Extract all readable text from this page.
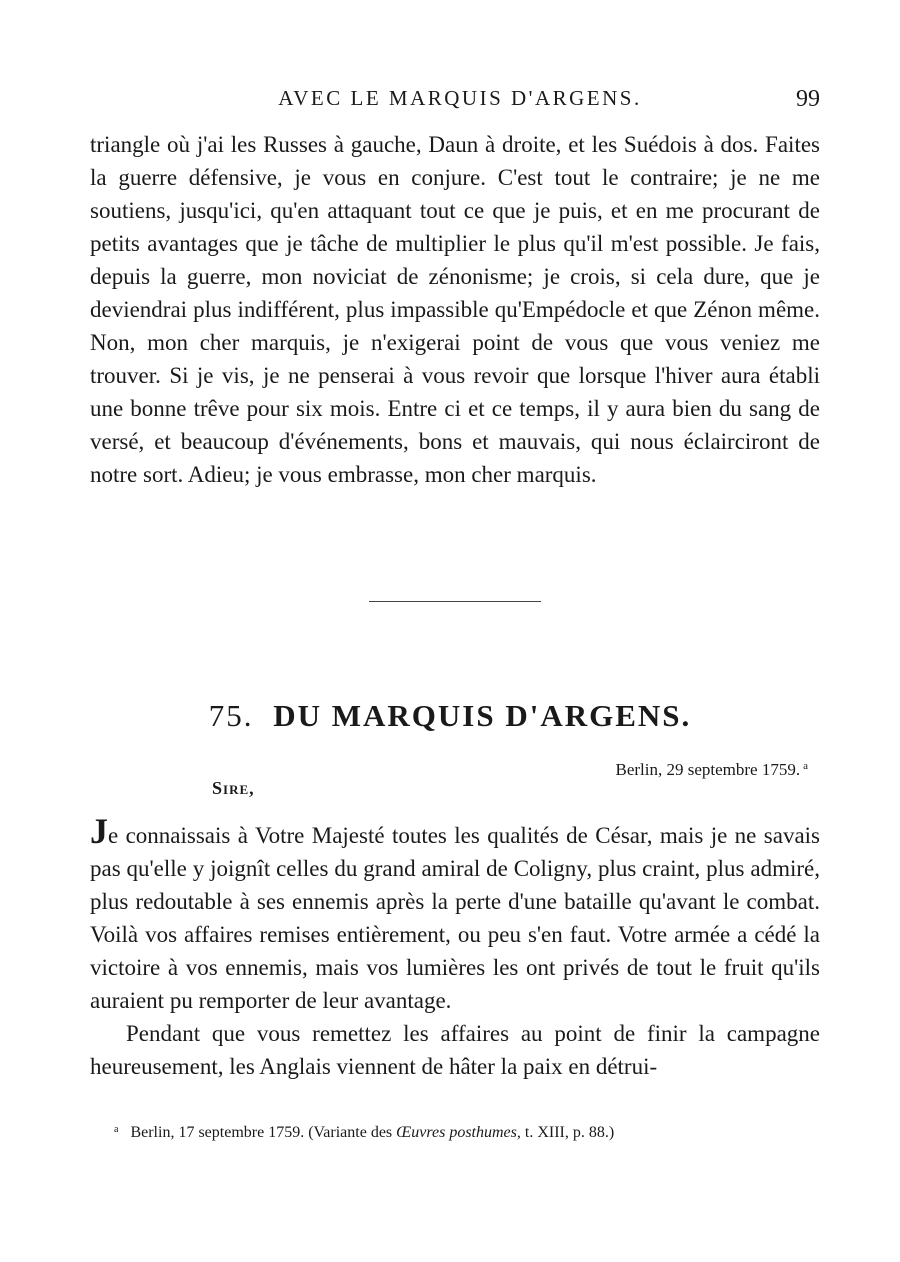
AVEC LE MARQUIS D'ARGENS.	99
triangle où j'ai les Russes à gauche, Daun à droite, et les Suédois à dos. Faites la guerre défensive, je vous en conjure. C'est tout le contraire; je ne me soutiens, jusqu'ici, qu'en attaquant tout ce que je puis, et en me procurant de petits avantages que je tâche de multiplier le plus qu'il m'est possible. Je fais, depuis la guerre, mon noviciat de zénonisme; je crois, si cela dure, que je deviendrai plus indifférent, plus impassible qu'Empédocle et que Zénon même. Non, mon cher marquis, je n'exigerai point de vous que vous veniez me trouver. Si je vis, je ne penserai à vous revoir que lorsque l'hiver aura établi une bonne trêve pour six mois. Entre ci et ce temps, il y aura bien du sang de versé, et beaucoup d'événements, bons et mauvais, qui nous éclairciront de notre sort. Adieu; je vous embrasse, mon cher marquis.
75. DU MARQUIS D'ARGENS.
Berlin, 29 septembre 1759. $^a$
Sire,

Je connaissais à Votre Majesté toutes les qualités de César, mais je ne savais pas qu'elle y joignît celles du grand amiral de Coligny, plus craint, plus admiré, plus redoutable à ses ennemis après la perte d'une bataille qu'avant le combat. Voilà vos affaires remises entièrement, ou peu s'en faut. Votre armée a cédé la victoire à vos ennemis, mais vos lumières les ont privés de tout le fruit qu'ils auraient pu remporter de leur avantage.

Pendant que vous remettez les affaires au point de finir la campagne heureusement, les Anglais viennent de hâter la paix en détrui-

$^a$ Berlin, 17 septembre 1759. (Variante des Œuvres posthumes, t. XIII, p. 88.)
